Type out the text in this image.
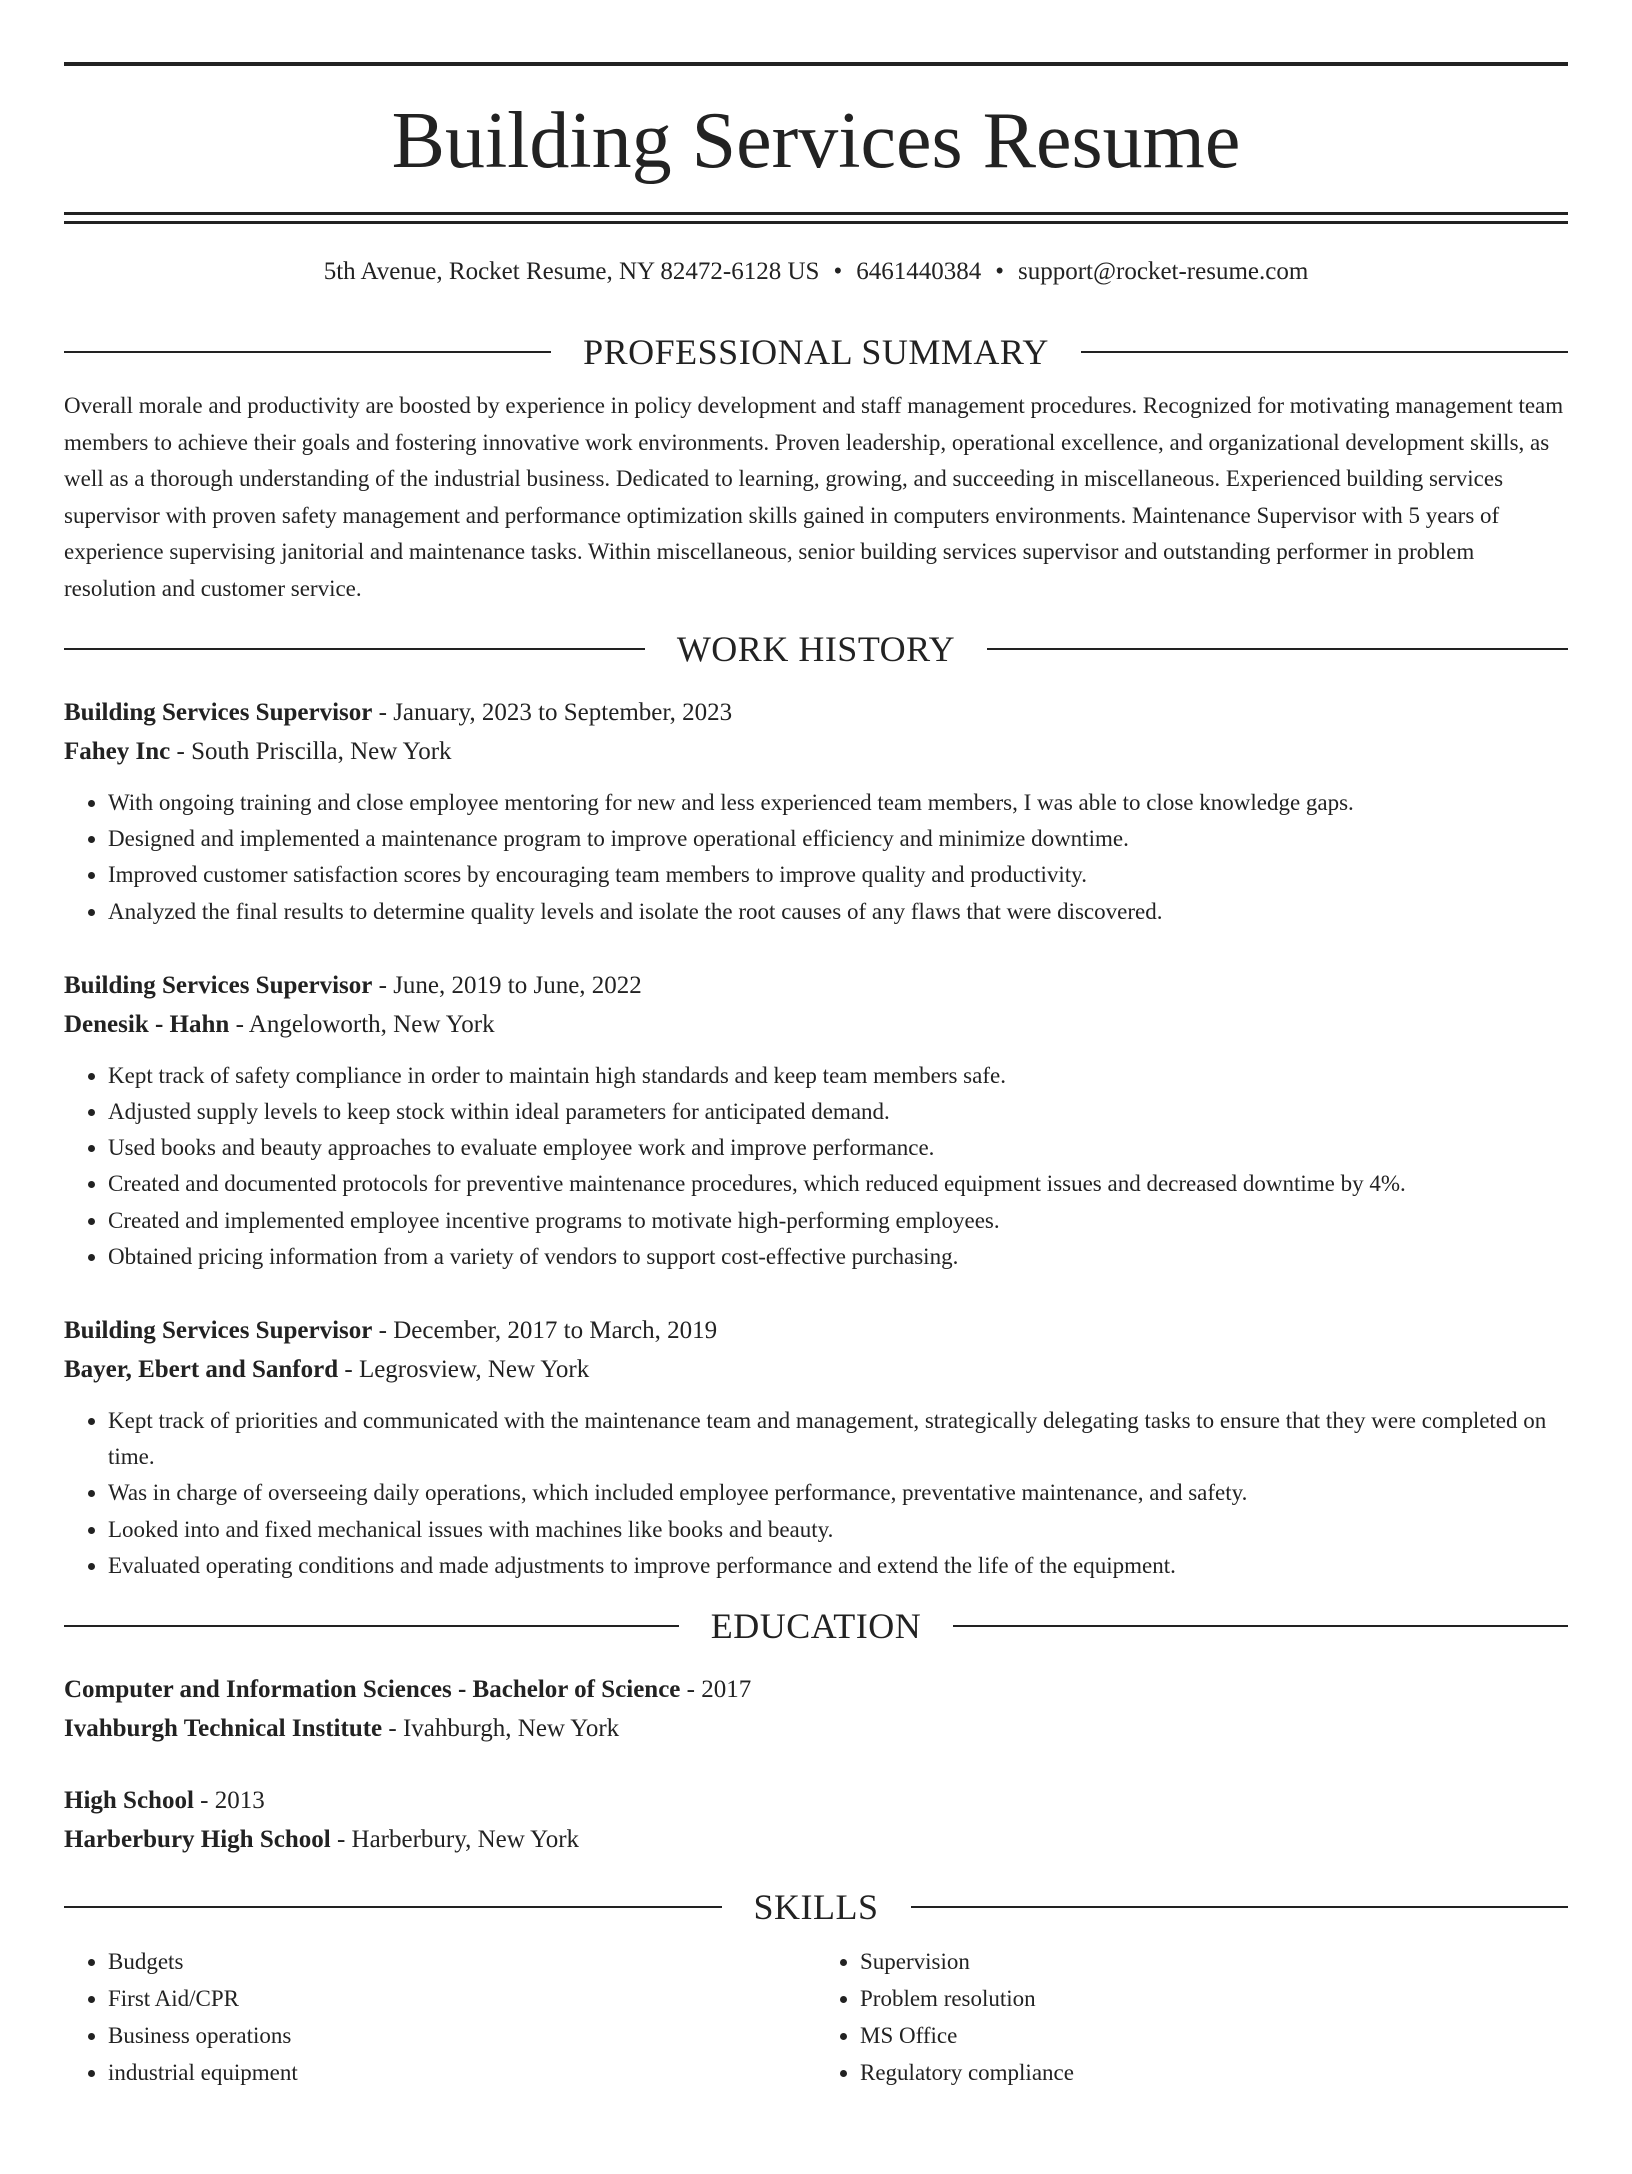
Building Services Resume
5th Avenue, Rocket Resume, NY 82472-6128 US • 6461440384 • support@rocket-resume.com
PROFESSIONAL SUMMARY

Overall morale and productivity are boosted by experience in policy development and staff management procedures. Recognized for motivating management team members to achieve their goals and fostering innovative work environments. Proven leadership, operational excellence, and organizational development skills, as well as a thorough understanding of the industrial business. Dedicated to learning, growing, and succeeding in miscellaneous. Experienced building services supervisor with proven safety management and performance optimization skills gained in computers environments. Maintenance Supervisor with 5 years of experience supervising janitorial and maintenance tasks. Within miscellaneous, senior building services supervisor and outstanding performer in problem resolution and customer service.

WORK HISTORY
Building Services Supervisor - January, 2023 to September, 2023
Fahey Inc - South Priscilla, New York
• With ongoing training and close employee mentoring for new and less experienced team members, I was able to close knowledge gaps.
• Designed and implemented a maintenance program to improve operational efficiency and minimize downtime.
• Improved customer satisfaction scores by encouraging team members to improve quality and productivity.
• Analyzed the final results to determine quality levels and isolate the root causes of any flaws that were discovered.
Building Services Supervisor - June, 2019 to June, 2022
Denesik - Hahn - Angeloworth, New York
• Kept track of safety compliance in order to maintain high standards and keep team members safe.
• Adjusted supply levels to keep stock within ideal parameters for anticipated demand.
• Used books and beauty approaches to evaluate employee work and improve performance.
• Created and documented protocols for preventive maintenance procedures, which reduced equipment issues and decreased downtime by 4%.
• Created and implemented employee incentive programs to motivate high-performing employees.
• Obtained pricing information from a variety of vendors to support cost-effective purchasing.
Building Services Supervisor - December, 2017 to March, 2019
Bayer, Ebert and Sanford - Legrosview, New York
• Kept track of priorities and communicated with the maintenance team and management, strategically delegating tasks to ensure that they were completed on time.
• Was in charge of overseeing daily operations, which included employee performance, preventative maintenance, and safety.
• Looked into and fixed mechanical issues with machines like books and beauty.
• Evaluated operating conditions and made adjustments to improve performance and extend the life of the equipment.
EDUCATION
Computer and Information Sciences - Bachelor of Science - 2017
Ivahburgh Technical Institute - Ivahburgh, New York
High School - 2013
Harberbury High School - Harberbury, New York
SKILLS
• Budgets
• First Aid/CPR
• Business operations
• industrial equipment
• Supervision
• Problem resolution
• MS Office
• Regulatory compliance
